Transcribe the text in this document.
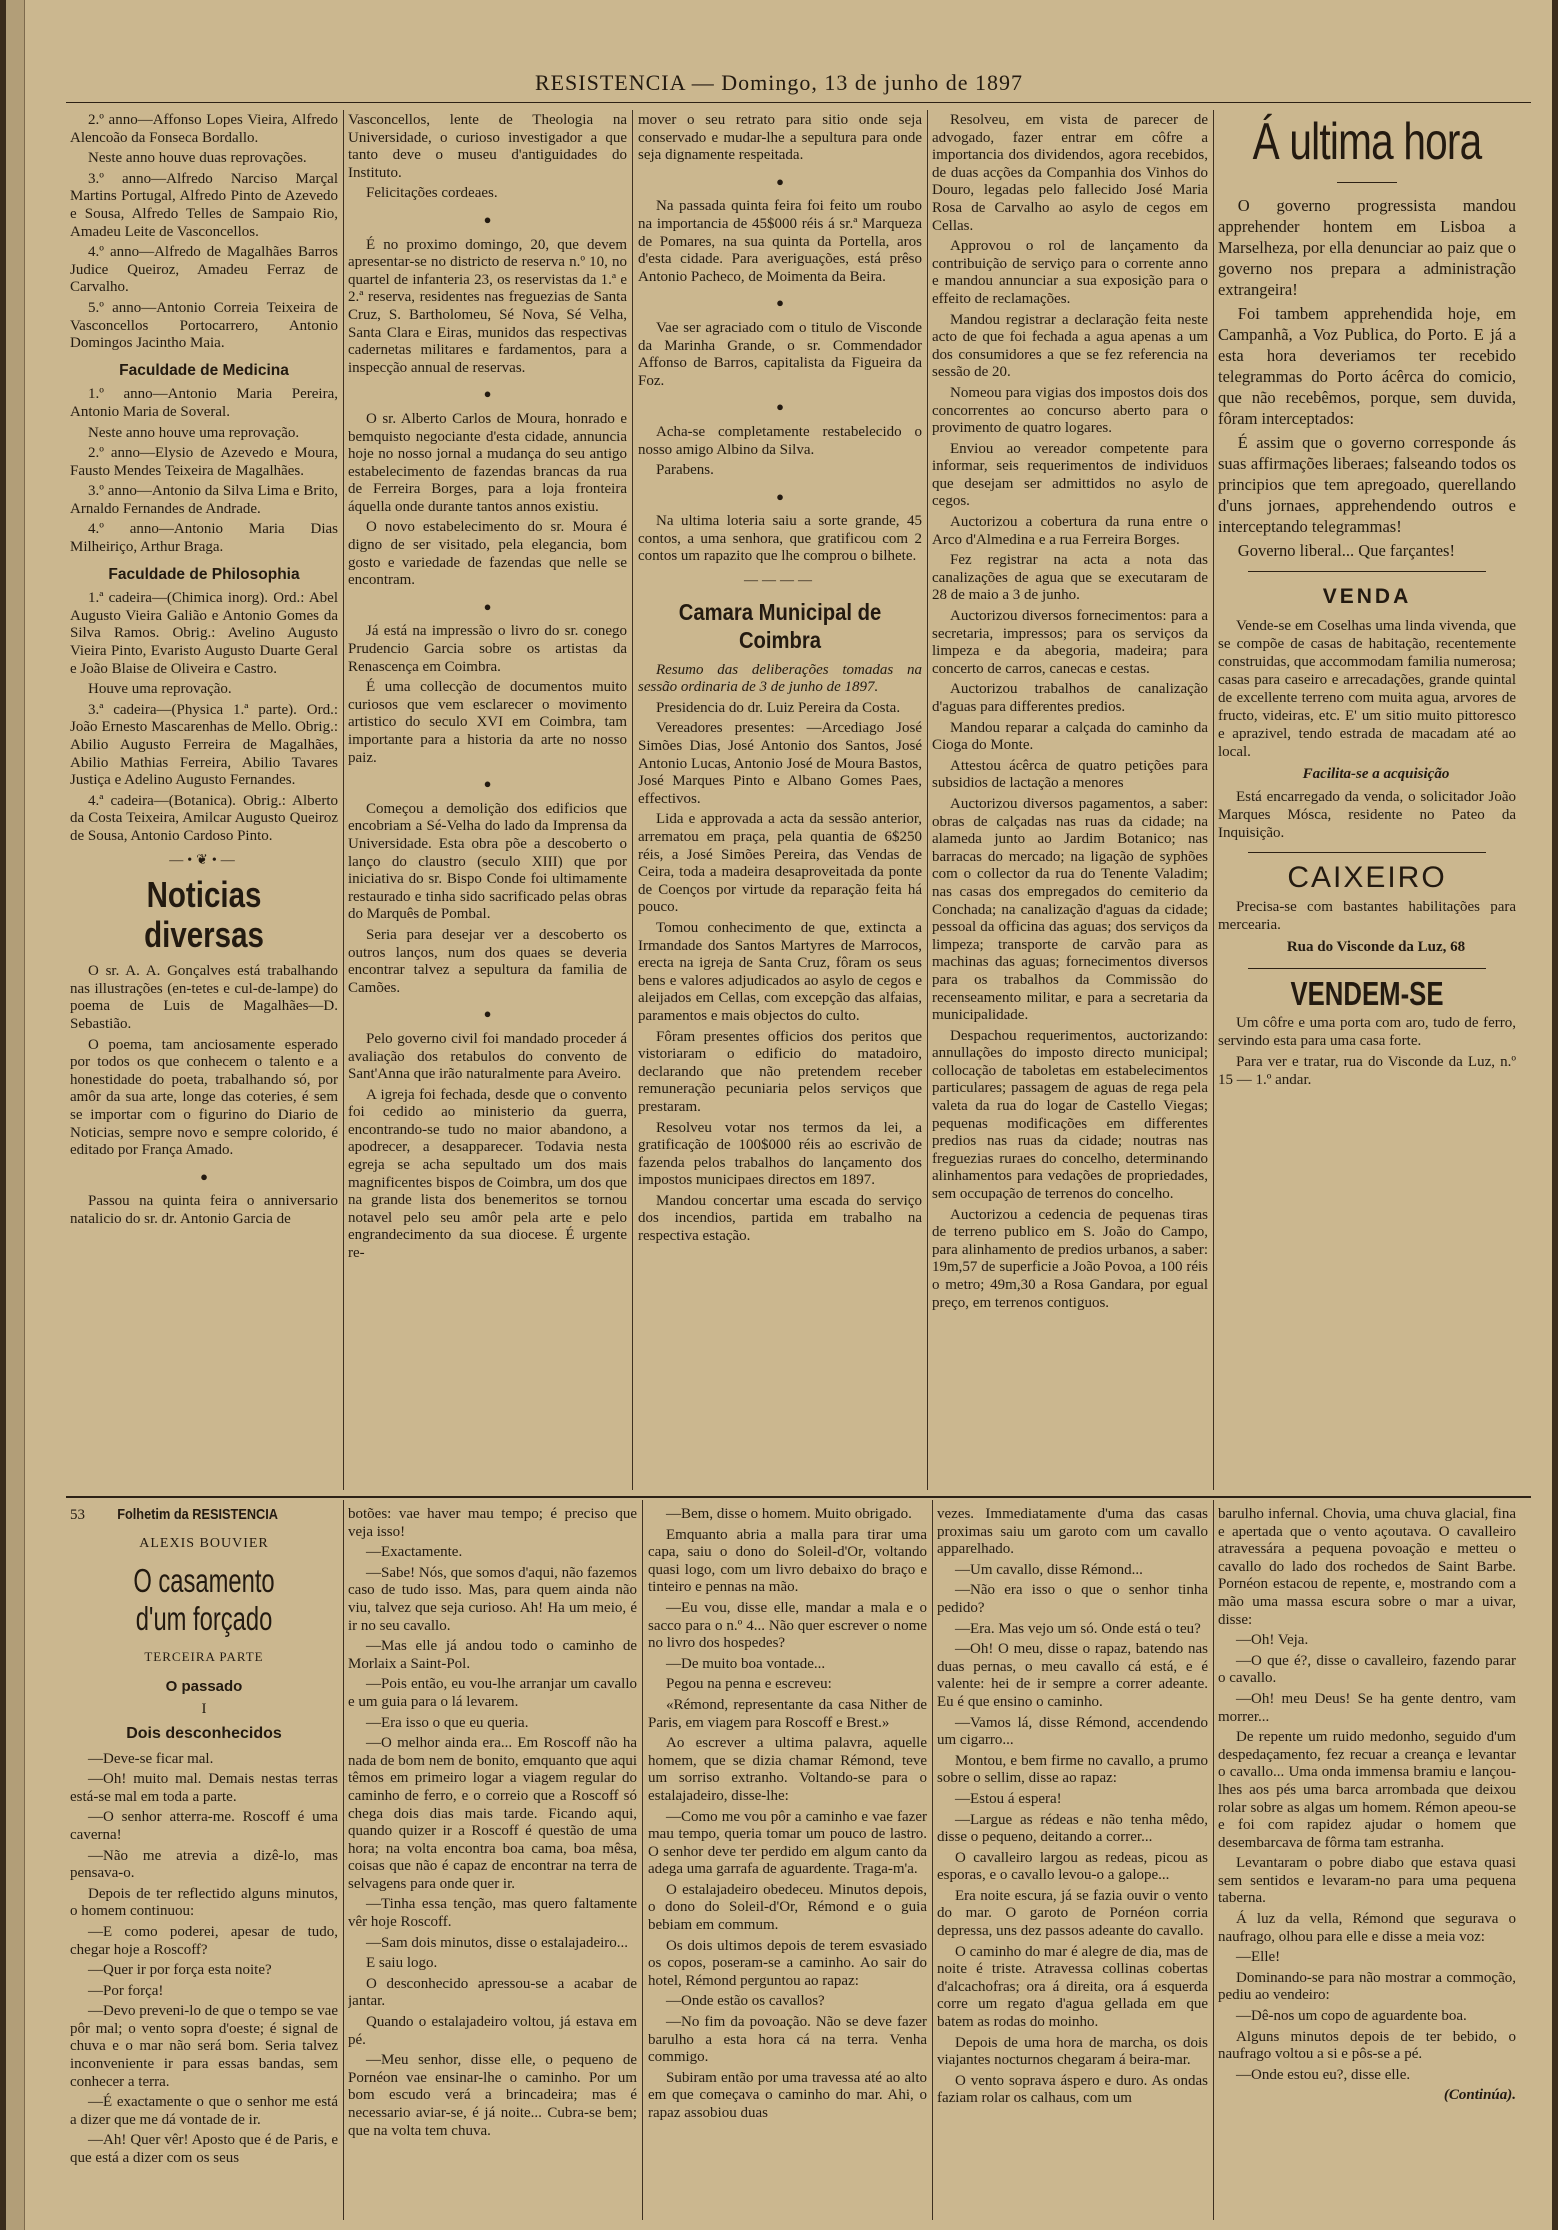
RESISTENCIA — Domingo, 13 de junho de 1897

2.º anno—Affonso Lopes Vieira, Alfredo Alencoão da Fonseca Bordallo.

Neste anno houve duas reprovações.

3.º anno—Alfredo Narciso Marçal Martins Portugal, Alfredo Pinto de Azevedo e Sousa, Alfredo Telles de Sampaio Rio, Amadeu Leite de Vasconcellos.

4.º anno—Alfredo de Magalhães Barros Judice Queiroz, Amadeu Ferraz de Carvalho.

5.º anno—Antonio Correia Teixeira de Vasconcellos Portocarrero, Antonio Domingos Jacintho Maia.

Faculdade de Medicina

1.º anno—Antonio Maria Pereira, Antonio Maria de Soveral.

Neste anno houve uma reprovação.

2.º anno—Elysio de Azevedo e Moura, Fausto Mendes Teixeira de Magalhães.

3.º anno—Antonio da Silva Lima e Brito, Arnaldo Fernandes de Andrade.

4.º anno—Antonio Maria Dias Milheiriço, Arthur Braga.

Faculdade de Philosophia

1.ª cadeira—(Chimica inorg). Ord.: Abel Augusto Vieira Galião e Antonio Gomes da Silva Ramos. Obrig.: Avelino Augusto Vieira Pinto, Evaristo Augusto Duarte Geral e João Blaise de Oliveira e Castro.

Houve uma reprovação.

3.ª cadeira—(Physica 1.ª parte). Ord.: João Ernesto Mascarenhas de Mello. Obrig.: Abilio Augusto Ferreira de Magalhães, Abilio Mathias Ferreira, Abilio Tavares Justiça e Adelino Augusto Fernandes.

4.ª cadeira—(Botanica). Obrig.: Alberto da Costa Teixeira, Amilcar Augusto Queiroz de Sousa, Antonio Cardoso Pinto.

—•❦•—

Noticias diversas

O sr. A. A. Gonçalves está trabalhando nas illustrações (en-tetes e cul-de-lampe) do poema de Luis de Magalhães—D. Sebastião.

O poema, tam anciosamente esperado por todos os que conhecem o talento e a honestidade do poeta, trabalhando só, por amôr da sua arte, longe das coteries, é sem se importar com o figurino do Diario de Noticias, sempre novo e sempre colorido, é editado por França Amado.

●

Passou na quinta feira o anniversario natalicio do sr. dr. Antonio Garcia de

Vasconcellos, lente de Theologia na Universidade, o curioso investigador a que tanto deve o museu d'antiguidades do Instituto.

Felicitações cordeaes.

●

É no proximo domingo, 20, que devem apresentar-se no districto de reserva n.º 10, no quartel de infanteria 23, os reservistas da 1.ª e 2.ª reserva, residentes nas freguezias de Santa Cruz, S. Bartholomeu, Sé Nova, Sé Velha, Santa Clara e Eiras, munidos das respectivas cadernetas militares e fardamentos, para a inspecção annual de reservas.

●

O sr. Alberto Carlos de Moura, honrado e bemquisto negociante d'esta cidade, annuncia hoje no nosso jornal a mudança do seu antigo estabelecimento de fazendas brancas da rua de Ferreira Borges, para a loja fronteira áquella onde durante tantos annos existiu.

O novo estabelecimento do sr. Moura é digno de ser visitado, pela elegancia, bom gosto e variedade de fazendas que nelle se encontram.

●

Já está na impressão o livro do sr. conego Prudencio Garcia sobre os artistas da Renascença em Coimbra.

É uma collecção de documentos muito curiosos que vem esclarecer o movimento artistico do seculo XVI em Coimbra, tam importante para a historia da arte no nosso paiz.

●

Começou a demolição dos edificios que encobriam a Sé-Velha do lado da Imprensa da Universidade. Esta obra põe a descoberto o lanço do claustro (seculo XIII) que por iniciativa do sr. Bispo Conde foi ultimamente restaurado e tinha sido sacrificado pelas obras do Marquês de Pombal.

Seria para desejar ver a descoberto os outros lanços, num dos quaes se deveria encontrar talvez a sepultura da familia de Camões.

●

Pelo governo civil foi mandado proceder á avaliação dos retabulos do convento de Sant'Anna que irão naturalmente para Aveiro.

A igreja foi fechada, desde que o convento foi cedido ao ministerio da guerra, encontrando-se tudo no maior abandono, a apodrecer, a desapparecer. Todavia nesta egreja se acha sepultado um dos mais magnificentes bispos de Coimbra, um dos que na grande lista dos benemeritos se tornou notavel pelo seu amôr pela arte e pelo engrandecimento da sua diocese. É urgente re-

mover o seu retrato para sitio onde seja conservado e mudar-lhe a sepultura para onde seja dignamente respeitada.

●

Na passada quinta feira foi feito um roubo na importancia de 45$000 réis á sr.ª Marqueza de Pomares, na sua quinta da Portella, aros d'esta cidade. Para averiguações, está prêso Antonio Pacheco, de Moimenta da Beira.

●

Vae ser agraciado com o titulo de Visconde da Marinha Grande, o sr. Commendador Affonso de Barros, capitalista da Figueira da Foz.

●

Acha-se completamente restabelecido o nosso amigo Albino da Silva.

Parabens.

●

Na ultima loteria saiu a sorte grande, 45 contos, a uma senhora, que gratificou com 2 contos um rapazito que lhe comprou o bilhete.

————

Camara Municipal de Coimbra

Resumo das deliberações tomadas na sessão ordinaria de 3 de junho de 1897.

Presidencia do dr. Luiz Pereira da Costa.

Vereadores presentes: —Arcediago José Simões Dias, José Antonio dos Santos, José Antonio Lucas, Antonio José de Moura Bastos, José Marques Pinto e Albano Gomes Paes, effectivos.

Lida e approvada a acta da sessão anterior, arrematou em praça, pela quantia de 6$250 réis, a José Simões Pereira, das Vendas de Ceira, toda a madeira desaproveitada da ponte de Coenços por virtude da reparação feita há pouco.

Tomou conhecimento de que, extincta a Irmandade dos Santos Martyres de Marrocos, erecta na igreja de Santa Cruz, fôram os seus bens e valores adjudicados ao asylo de cegos e aleijados em Cellas, com excepção das alfaias, paramentos e mais objectos do culto.

Fôram presentes officios dos peritos que vistoriaram o edificio do matadoiro, declarando que não pretendem receber remuneração pecuniaria pelos serviços que prestaram.

Resolveu votar nos termos da lei, a gratificação de 100$000 réis ao escrivão de fazenda pelos trabalhos do lançamento dos impostos municipaes directos em 1897.

Mandou concertar uma escada do serviço dos incendios, partida em trabalho na respectiva estação.

Resolveu, em vista de parecer de advogado, fazer entrar em côfre a importancia dos dividendos, agora recebidos, de duas acções da Companhia dos Vinhos do Douro, legadas pelo fallecido José Maria Rosa de Carvalho ao asylo de cegos em Cellas.

Approvou o rol de lançamento da contribuição de serviço para o corrente anno e mandou annunciar a sua exposição para o effeito de reclamações.

Mandou registrar a declaração feita neste acto de que foi fechada a agua apenas a um dos consumidores a que se fez referencia na sessão de 20.

Nomeou para vigias dos impostos dois dos concorrentes ao concurso aberto para o provimento de quatro logares.

Enviou ao vereador competente para informar, seis requerimentos de individuos que desejam ser admittidos no asylo de cegos.

Auctorizou a cobertura da runa entre o Arco d'Almedina e a rua Ferreira Borges.

Fez registrar na acta a nota das canalizações de agua que se executaram de 28 de maio a 3 de junho.

Auctorizou diversos fornecimentos: para a secretaria, impressos; para os serviços da limpeza e da abegoria, madeira; para concerto de carros, canecas e cestas.

Auctorizou trabalhos de canalização d'aguas para differentes predios.

Mandou reparar a calçada do caminho da Cioga do Monte.

Attestou ácêrca de quatro petições para subsidios de lactação a menores

Auctorizou diversos pagamentos, a saber: obras de calçadas nas ruas da cidade; na alameda junto ao Jardim Botanico; nas barracas do mercado; na ligação de syphões com o collector da rua do Tenente Valadim; nas casas dos empregados do cemiterio da Conchada; na canalização d'aguas da cidade; pessoal da officina das aguas; dos serviços da limpeza; transporte de carvão para as machinas das aguas; fornecimentos diversos para os trabalhos da Commissão do recenseamento militar, e para a secretaria da municipalidade.

Despachou requerimentos, auctorizando: annullações do imposto directo municipal; collocação de taboletas em estabelecimentos particulares; passagem de aguas de rega pela valeta da rua do logar de Castello Viegas; pequenas modificações em differentes predios nas ruas da cidade; noutras nas freguezias ruraes do concelho, determinando alinhamentos para vedações de propriedades, sem occupação de terrenos do concelho.

Auctorizou a cedencia de pequenas tiras de terreno publico em S. João do Campo, para alinhamento de predios urbanos, a saber: 19m,57 de superficie a João Povoa, a 100 réis o metro; 49m,30 a Rosa Gandara, por egual preço, em terrenos contiguos.

Á ultima hora

O governo progressista mandou apprehender hontem em Lisboa a Marselheza, por ella denunciar ao paiz que o governo nos prepara a administração extrangeira!

Foi tambem apprehendida hoje, em Campanhã, a Voz Publica, do Porto. E já a esta hora deveriamos ter recebido telegrammas do Porto ácêrca do comicio, que não recebêmos, porque, sem duvida, fôram interceptados:

É assim que o governo corresponde ás suas affirmações liberaes; falseando todos os principios que tem apregoado, querellando d'uns jornaes, apprehendendo outros e interceptando telegrammas!

Governo liberal... Que farçantes!

VENDA

Vende-se em Coselhas uma linda vivenda, que se compõe de casas de habitação, recentemente construidas, que accommodam familia numerosa; casas para caseiro e arrecadações, grande quintal de excellente terreno com muita agua, arvores de fructo, videiras, etc. E' um sitio muito pittoresco e aprazivel, tendo estrada de macadam até ao local.

Facilita-se a acquisição

Está encarregado da venda, o solicitador João Marques Mósca, residente no Pateo da Inquisição.

CAIXEIRO

Precisa-se com bastantes habilitações para mercearia.

Rua do Visconde da Luz, 68

VENDEM-SE

Um côfre e uma porta com aro, tudo de ferro, servindo esta para uma casa forte.

Para ver e tratar, rua do Visconde da Luz, n.º 15 — 1.º andar.

53 Folhetim da RESISTENCIA
ALEXIS BOUVIER
O casamento d'um forçado
TERCEIRA PARTE
O passado
I
Dois desconhecidos

—Deve-se ficar mal.

—Oh! muito mal. Demais nestas terras está-se mal em toda a parte.

—O senhor atterra-me. Roscoff é uma caverna!

—Não me atrevia a dizê-lo, mas pensava-o.

Depois de ter reflectido alguns minutos, o homem continuou:

—E como poderei, apesar de tudo, chegar hoje a Roscoff?

—Quer ir por força esta noite?

—Por força!

—Devo preveni-lo de que o tempo se vae pôr mal; o vento sopra d'oeste; é signal de chuva e o mar não será bom. Seria talvez inconveniente ir para essas bandas, sem conhecer a terra.

—É exactamente o que o senhor me está a dizer que me dá vontade de ir.

—Ah! Quer vêr! Aposto que é de Paris, e que está a dizer com os seus

botões: vae haver mau tempo; é preciso que veja isso!

—Exactamente.

—Sabe! Nós, que somos d'aqui, não fazemos caso de tudo isso. Mas, para quem ainda não viu, talvez que seja curioso. Ah! Ha um meio, é ir no seu cavallo.

—Mas elle já andou todo o caminho de Morlaix a Saint-Pol.

—Pois então, eu vou-lhe arranjar um cavallo e um guia para o lá levarem.

—Era isso o que eu queria.

—O melhor ainda era... Em Roscoff não ha nada de bom nem de bonito, emquanto que aqui têmos em primeiro logar a viagem regular do caminho de ferro, e o correio que a Roscoff só chega dois dias mais tarde. Ficando aqui, quando quizer ir a Roscoff é questão de uma hora; na volta encontra boa cama, boa mêsa, coisas que não é capaz de encontrar na terra de selvagens para onde quer ir.

—Tinha essa tenção, mas quero faltamente vêr hoje Roscoff.

—Sam dois minutos, disse o estalajadeiro...

E saiu logo.

O desconhecido apressou-se a acabar de jantar.

Quando o estalajadeiro voltou, já estava em pé.

—Meu senhor, disse elle, o pequeno de Pornéon vae ensinar-lhe o caminho. Por um bom escudo verá a brincadeira; mas é necessario aviar-se, é já noite... Cubra-se bem; que na volta tem chuva.

—Bem, disse o homem. Muito obrigado.

Emquanto abria a malla para tirar uma capa, saiu o dono do Soleil-d'Or, voltando quasi logo, com um livro debaixo do braço e tinteiro e pennas na mão.

—Eu vou, disse elle, mandar a mala e o sacco para o n.º 4... Não quer escrever o nome no livro dos hospedes?

—De muito boa vontade...

Pegou na penna e escreveu:

«Rémond, representante da casa Nither de Paris, em viagem para Roscoff e Brest.»

Ao escrever a ultima palavra, aquelle homem, que se dizia chamar Rémond, teve um sorriso extranho. Voltando-se para o estalajadeiro, disse-lhe:

—Como me vou pôr a caminho e vae fazer mau tempo, queria tomar um pouco de lastro. O senhor deve ter perdido em algum canto da adega uma garrafa de aguardente. Traga-m'a.

O estalajadeiro obedeceu. Minutos depois, o dono do Soleil-d'Or, Rémond e o guia bebiam em commum.

Os dois ultimos depois de terem esvasiado os copos, poseram-se a caminho. Ao sair do hotel, Rémond perguntou ao rapaz:

—Onde estão os cavallos?

—No fim da povoação. Não se deve fazer barulho a esta hora cá na terra. Venha commigo.

Subiram então por uma travessa até ao alto em que começava o caminho do mar. Ahi, o rapaz assobiou duas

vezes. Immediatamente d'uma das casas proximas saiu um garoto com um cavallo apparelhado.

—Um cavallo, disse Rémond...

—Não era isso o que o senhor tinha pedido?

—Era. Mas vejo um só. Onde está o teu?

—Oh! O meu, disse o rapaz, batendo nas duas pernas, o meu cavallo cá está, e é valente: hei de ir sempre a correr adeante. Eu é que ensino o caminho.

—Vamos lá, disse Rémond, accendendo um cigarro...

Montou, e bem firme no cavallo, a prumo sobre o sellim, disse ao rapaz:

—Estou á espera!

—Largue as rédeas e não tenha mêdo, disse o pequeno, deitando a correr...

O cavalleiro largou as redeas, picou as esporas, e o cavallo levou-o a galope...

Era noite escura, já se fazia ouvir o vento do mar. O garoto de Pornéon corria depressa, uns dez passos adeante do cavallo.

O caminho do mar é alegre de dia, mas de noite é triste. Atravessa collinas cobertas d'alcachofras; ora á direita, ora á esquerda corre um regato d'agua gellada em que batem as rodas do moinho.

Depois de uma hora de marcha, os dois viajantes nocturnos chegaram á beira-mar.

O vento soprava áspero e duro. As ondas faziam rolar os calhaus, com um

barulho infernal. Chovia, uma chuva glacial, fina e apertada que o vento açoutava. O cavalleiro atravessára a pequena povoação e metteu o cavallo do lado dos rochedos de Saint Barbe. Pornéon estacou de repente, e, mostrando com a mão uma massa escura sobre o mar a uivar, disse:

—Oh! Veja.

—O que é?, disse o cavalleiro, fazendo parar o cavallo.

—Oh! meu Deus! Se ha gente dentro, vam morrer...

De repente um ruido medonho, seguido d'um despedaçamento, fez recuar a creança e levantar o cavallo... Uma onda immensa bramiu e lançou-lhes aos pés uma barca arrombada que deixou rolar sobre as algas um homem. Rémon apeou-se e foi com rapidez ajudar o homem que desembarcava de fôrma tam estranha.

Levantaram o pobre diabo que estava quasi sem sentidos e levaram-no para uma pequena taberna.

Á luz da vella, Rémond que segurava o naufrago, olhou para elle e disse a meia voz:

—Elle!

Dominando-se para não mostrar a commoção, pediu ao vendeiro:

—Dê-nos um copo de aguardente boa.

Alguns minutos depois de ter bebido, o naufrago voltou a si e pôs-se a pé.

—Onde estou eu?, disse elle.

(Continúa).
